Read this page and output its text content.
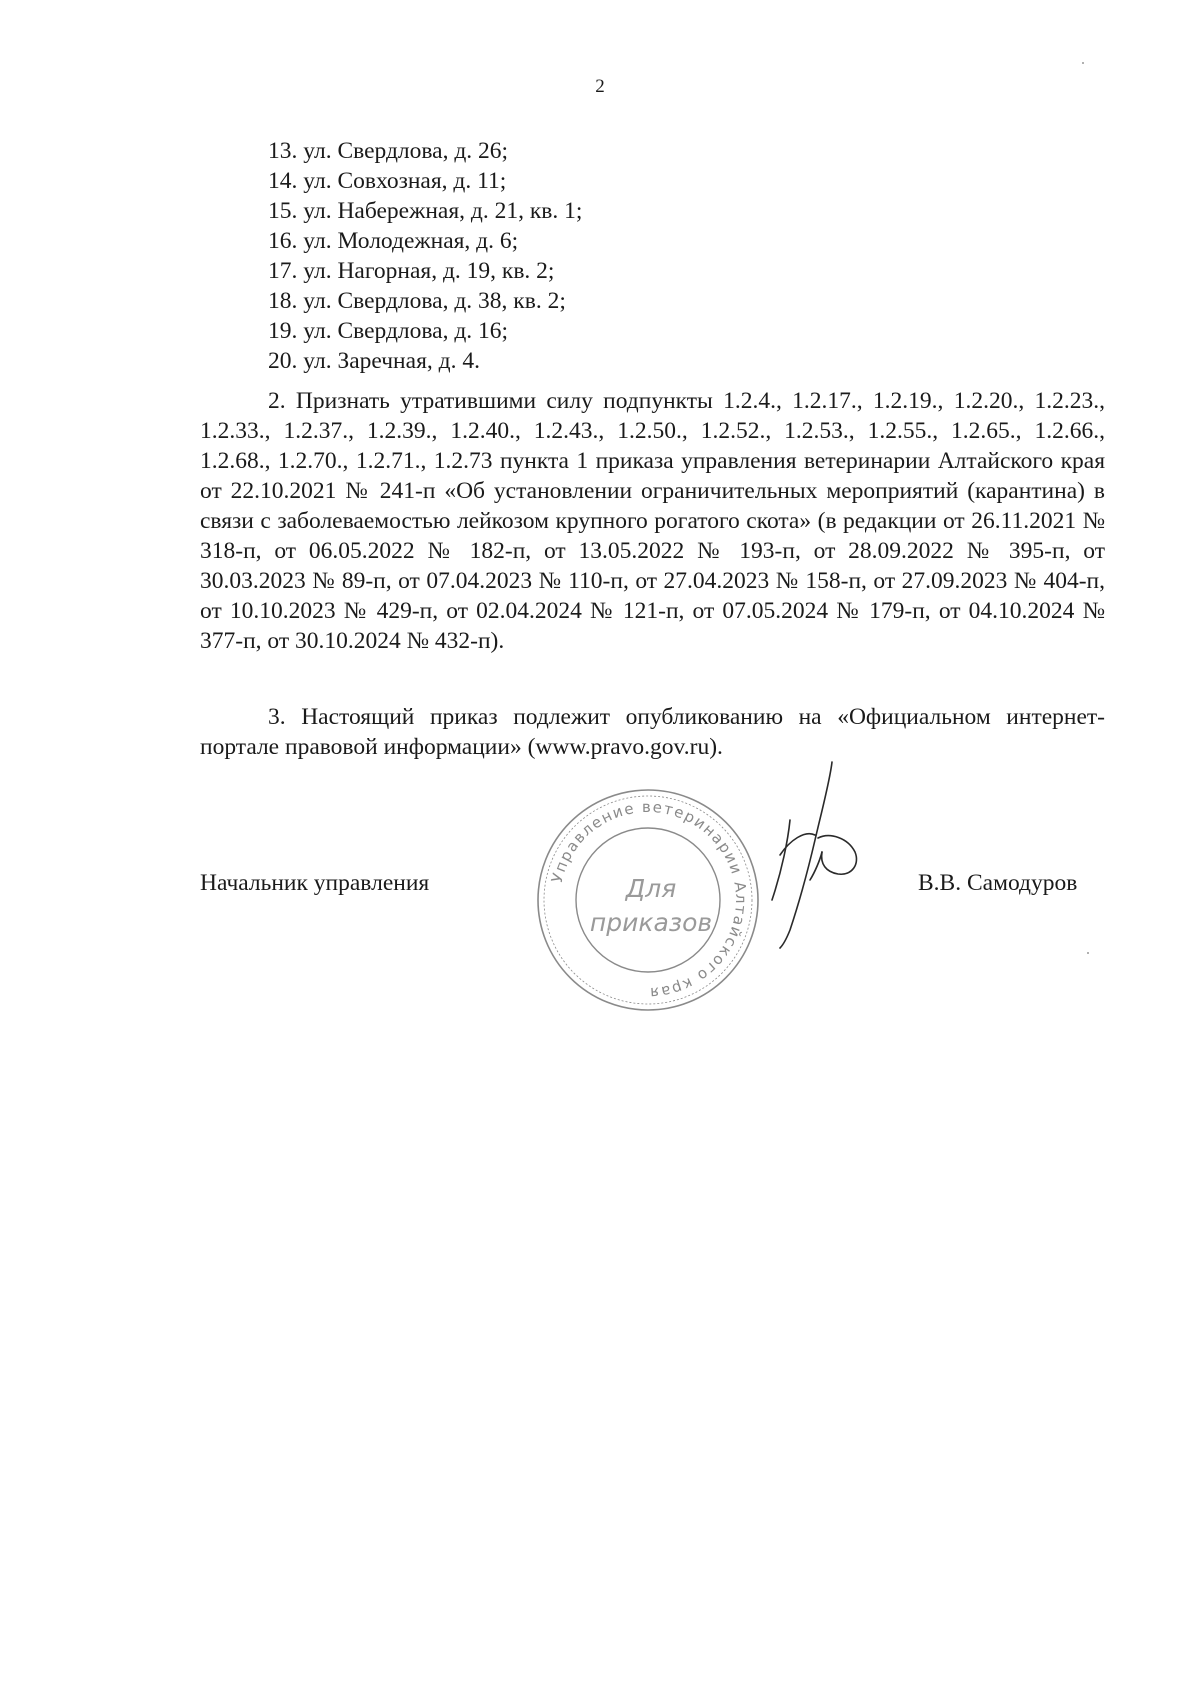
2
13. ул. Свердлова, д. 26;
14. ул. Совхозная, д. 11;
15. ул. Набережная, д. 21, кв. 1;
16. ул. Молодежная, д. 6;
17. ул. Нагорная, д. 19, кв. 2;
18. ул. Свердлова, д. 38, кв. 2;
19. ул. Свердлова, д. 16;
20. ул. Заречная, д. 4.

2. Признать утратившими силу подпункты 1.2.4., 1.2.17., 1.2.19., 1.2.20., 1.2.23., 1.2.33., 1.2.37., 1.2.39., 1.2.40., 1.2.43., 1.2.50., 1.2.52., 1.2.53., 1.2.55., 1.2.65., 1.2.66., 1.2.68., 1.2.70., 1.2.71., 1.2.73 пункта 1 приказа управления ветеринарии Алтайского края от 22.10.2021 № 241-п «Об установлении ограничительных мероприятий (карантина) в связи с заболеваемостью лейкозом крупного рогатого скота» (в редакции от 26.11.2021 № 318-п, от 06.05.2022 № 182-п, от 13.05.2022 № 193-п, от 28.09.2022 № 395-п, от 30.03.2023 № 89-п, от 07.04.2023 № 110-п, от 27.04.2023 № 158-п, от 27.09.2023 № 404-п, от 10.10.2023 № 429-п, от 02.04.2024 № 121-п, от 07.05.2024 № 179-п, от 04.10.2024 № 377-п, от 30.10.2024 № 432-п).

3. Настоящий приказ подлежит опубликованию на «Официальном интернет-портале правовой информации» (www.pravo.gov.ru).

Начальник управления	Управление ветеринарии Алтайского края
Для
приказов
В.В. Самодуров
